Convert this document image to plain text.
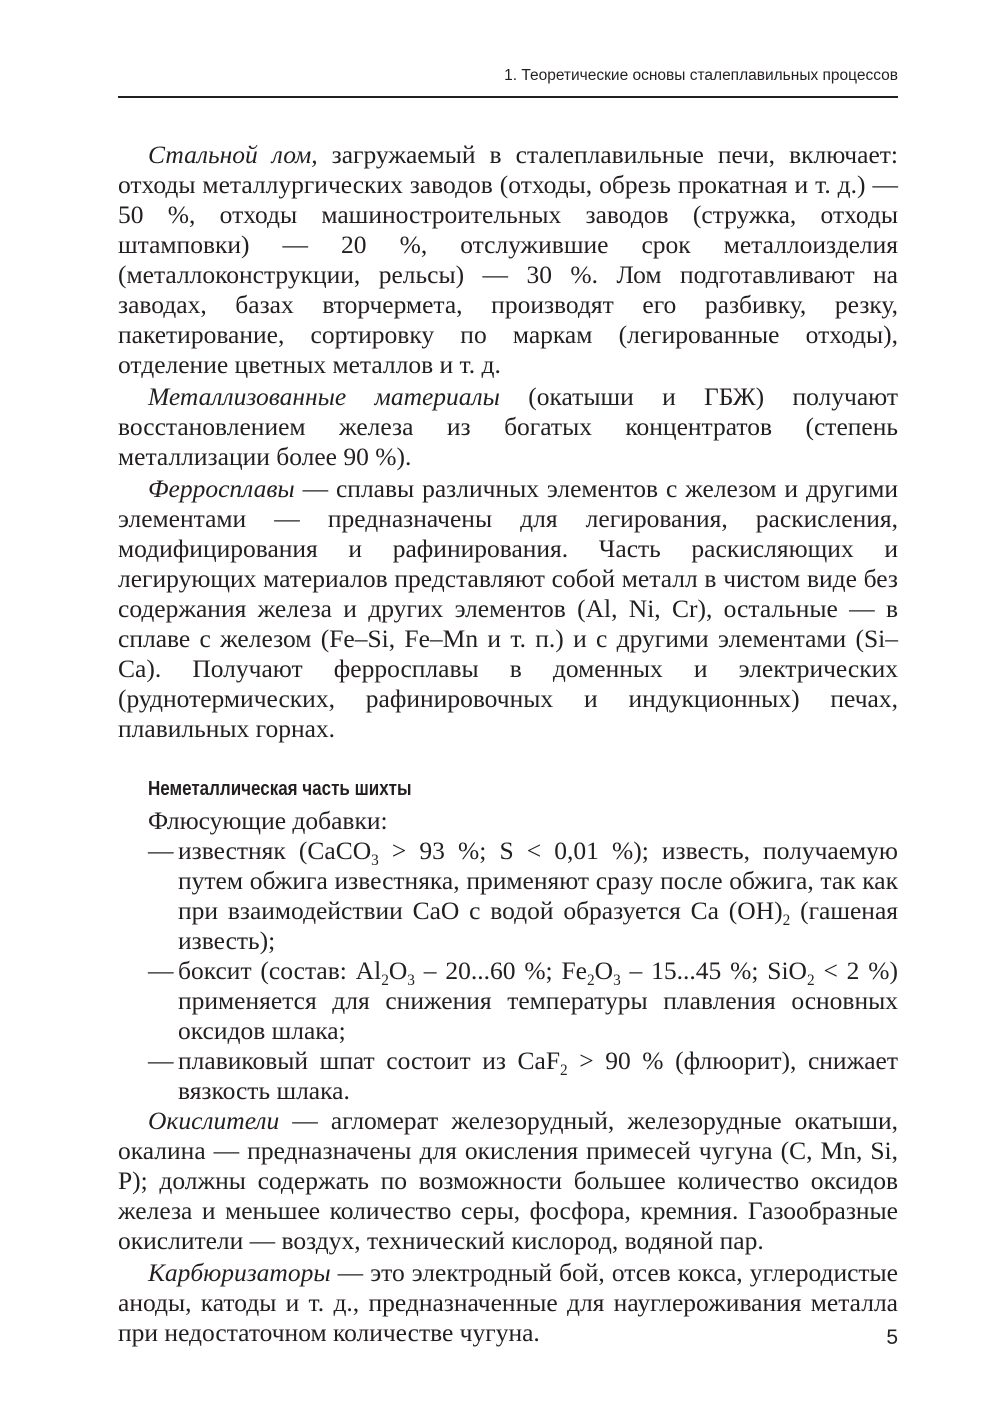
1. Теоретические основы сталеплавильных процессов

Стальной лом, загружаемый в сталеплавильные печи, включает: отходы металлургических заводов (отходы, обрезь прокатная и т. д.) — 50 %, отходы машиностроительных заводов (стружка, отходы штамповки) — 20 %, отслужившие срок металлоизделия (металлоконструкции, рельсы) — 30 %. Лом подготавливают на заводах, базах вторчермета, производят его разбивку, резку, пакетирование, сортировку по маркам (легированные отходы), отделение цветных металлов и т. д.

Металлизованные материалы (окатыши и ГБЖ) получают восстановлением железа из богатых концентратов (степень металлизации более 90 %).

Ферросплавы — сплавы различных элементов с железом и другими элементами — предназначены для легирования, раскисления, модифицирования и рафинирования. Часть раскисляющих и легирующих материалов представляют собой металл в чистом виде без содержания железа и других элементов (Al, Ni, Cr), остальные — в сплаве с железом (Fe–Si, Fe–Mn и т. п.) и с другими элементами (Si–Ca). Получают ферросплавы в доменных и электрических (руднотермических, рафинировочных и индукционных) печах, плавильных горнах.

Неметаллическая часть шихты

Флюсующие добавки:

— известняк (CaCO$_3$ > 93 %; S < 0,01 %); известь, получаемую путем обжига известняка, применяют сразу после обжига, так как при взаимодействии CaO с водой образуется Ca $(OH)_2$ (гашеная известь);

— боксит (состав: $Al_2O_3 - 20...60$ %; $Fe_2O_3 - 15...45$ %; SiO$_2$ < 2 %) применяется для снижения температуры плавления основных оксидов шлака;

— плавиковый шпат состоит из CaF$_2$ > 90 % (флюорит), снижает вязкость шлака.

Окислители — агломерат железорудный, железорудные окатыши, окалина — предназначены для окисления примесей чугуна (C, Mn, Si, P); должны содержать по возможности большее количество оксидов железа и меньшее количество серы, фосфора, кремния. Газообразные окислители — воздух, технический кислород, водяной пар.

Карбюризаторы — это электродный бой, отсев кокса, углеродистые аноды, катоды и т. д., предназначенные для науглероживания металла при недостаточном количестве чугуна.	5
